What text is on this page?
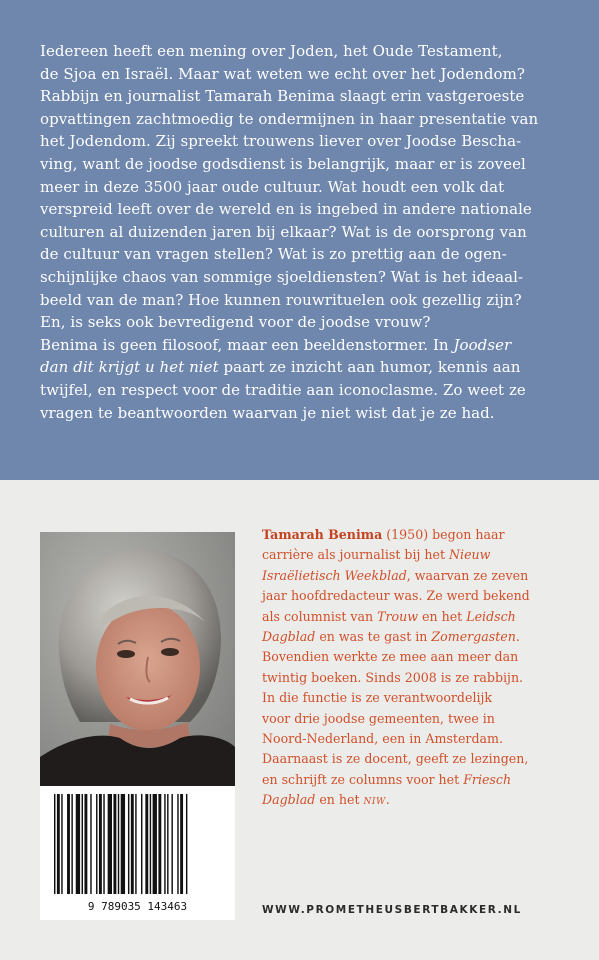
Iedereen heeft een mening over Joden, het Oude Testament,
de Sjoa en Israël. Maar wat weten we echt over het Jodendom?
Rabbijn en journalist Tamarah Benima slaagt erin vastgeroeste
opvattingen zachtmoedig te ondermijnen in haar presentatie van
het Jodendom. Zij spreekt trouwens liever over Joodse Bescha-
ving, want de joodse godsdienst is belangrijk, maar er is zoveel
meer in deze 3500 jaar oude cultuur. Wat houdt een volk dat
verspreid leeft over de wereld en is ingebed in andere nationale
culturen al duizenden jaren bij elkaar? Wat is de oorsprong van
de cultuur van vragen stellen? Wat is zo prettig aan de ogen-
schijnlijke chaos van sommige sjoeldiensten? Wat is het ideaal-
beeld van de man? Hoe kunnen rouwrituelen ook gezellig zijn?
En, is seks ook bevredigend voor de joodse vrouw?
Benima is geen filosoof, maar een beeldenstormer. In Joodser
dan dit krijgt u het niet paart ze inzicht aan humor, kennis aan
twijfel, en respect voor de traditie aan iconoclasme. Zo weet ze
vragen te beantwoorden waarvan je niet wist dat je ze had.
9 789035 143463
Tamarah Benima (1950) begon haar
carrière als journalist bij het Nieuw
Israëlietisch Weekblad, waarvan ze zeven
jaar hoofdredacteur was. Ze werd bekend
als columnist van Trouw en het Leidsch
Dagblad en was te gast in Zomergasten.
Bovendien werkte ze mee aan meer dan
twintig boeken. Sinds 2008 is ze rabbijn.
In die functie is ze verantwoordelijk
voor drie joodse gemeenten, twee in
Noord-Nederland, een in Amsterdam.
Daarnaast is ze docent, geeft ze lezingen,
en schrijft ze columns voor het Friesch
Dagblad en het NIW.
WWW.PROMETHEUSBERTBAKKER.NL
